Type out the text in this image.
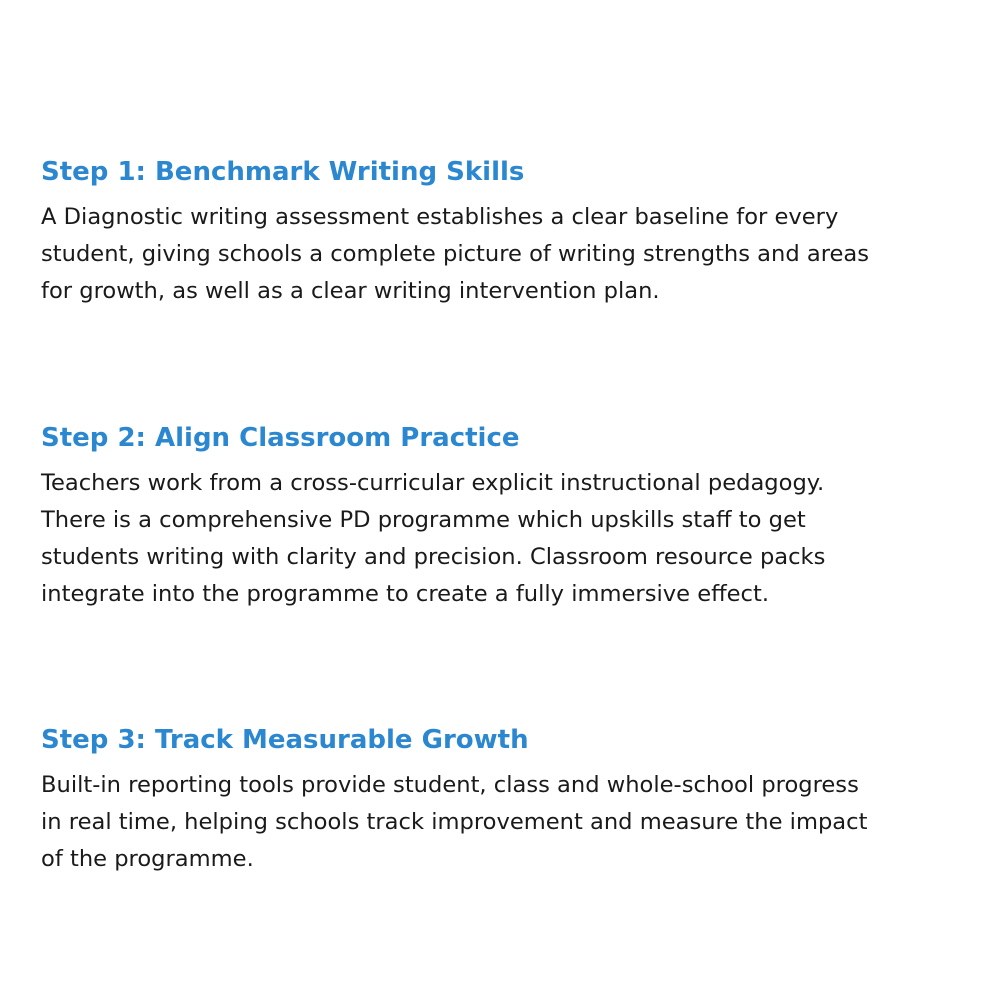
Step 1: Benchmark Writing Skills

A Diagnostic writing assessment establishes a clear baseline for every
student, giving schools a complete picture of writing strengths and areas
for growth, as well as a clear writing intervention plan.

Step 2: Align Classroom Practice

Teachers work from a cross-curricular explicit instructional pedagogy.
There is a comprehensive PD programme which upskills staff to get
students writing with clarity and precision. Classroom resource packs
integrate into the programme to create a fully immersive effect.

Step 3: Track Measurable Growth

Built-in reporting tools provide student, class and whole-school progress
in real time, helping schools track improvement and measure the impact
of the programme.
